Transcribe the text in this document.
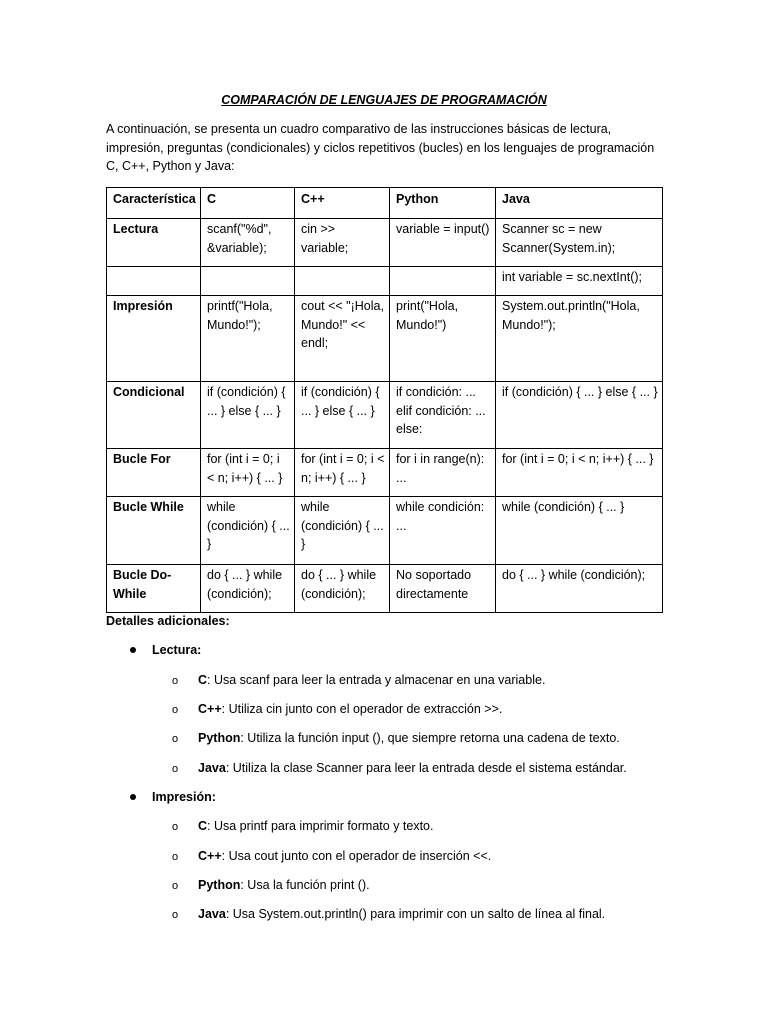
COMPARACIÓN DE LENGUAJES DE PROGRAMACIÓN
A continuación, se presenta un cuadro comparativo de las instrucciones básicas de lectura, impresión, preguntas (condicionales) y ciclos repetitivos (bucles) en los lenguajes de programación C, C++, Python y Java:
Característica	C	C++	Python	Java
Lectura	scanf("%d", &variable);	cin >> variable;	variable = input()	Scanner sc = new Scanner(System.in);
				int variable = sc.nextInt();
Impresión	printf("Hola, Mundo!");	cout << "¡Hola, Mundo!" << endl;	print("Hola, Mundo!")	System.out.println("Hola, Mundo!");
Condicional	if (condición) { ... } else { ... }	if (condición) { ... } else { ... }	if condición: ... elif condición: ... else:	if (condición) { ... } else { ... }
Bucle For	for (int i = 0; i < n; i++) { ... }	for (int i = 0; i < n; i++) { ... }	for i in range(n): ...	for (int i = 0; i < n; i++) { ... }
Bucle While	while (condición) { ... }	while (condición) { ... }	while condición: ...	while (condición) { ... }
Bucle Do-While	do { ... } while (condición);	do { ... } while (condición);	No soportado directamente	do { ... } while (condición);
Detalles adicionales:
Lectura:
o C: Usa scanf para leer la entrada y almacenar en una variable.
o C++: Utiliza cin junto con el operador de extracción >>.
o Python: Utiliza la función input (), que siempre retorna una cadena de texto.
o Java: Utiliza la clase Scanner para leer la entrada desde el sistema estándar.
Impresión:
o C: Usa printf para imprimir formato y texto.
o C++: Usa cout junto con el operador de inserción <<.
o Python: Usa la función print ().
o Java: Usa System.out.println() para imprimir con un salto de línea al final.
